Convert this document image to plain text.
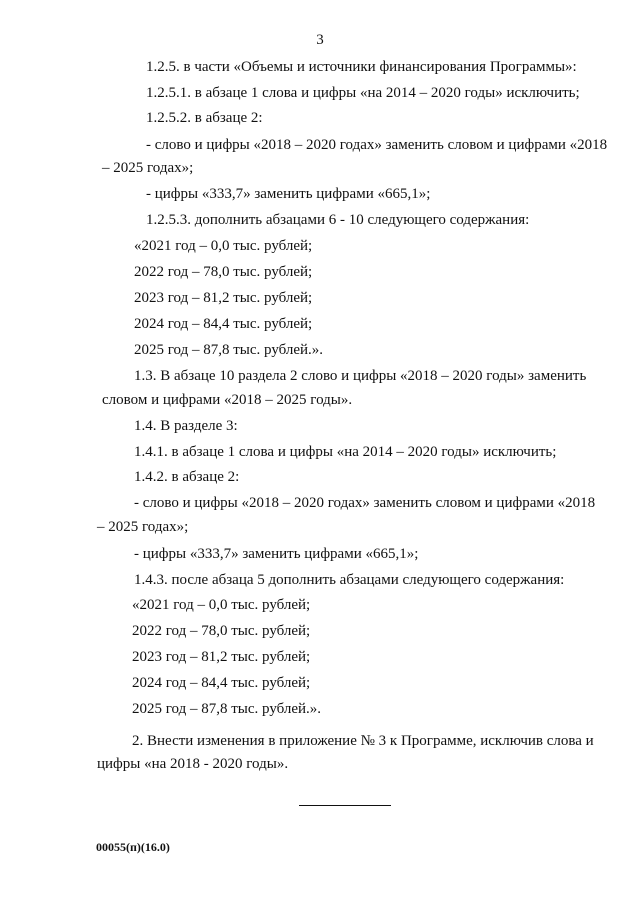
3
1.2.5. в части «Объемы и источники финансирования Программы»:
1.2.5.1. в абзаце 1 слова и цифры «на 2014 – 2020 годы» исключить;
1.2.5.2. в абзаце 2:
- слово и цифры «2018 – 2020 годах» заменить словом и цифрами «2018
– 2025 годах»;
- цифры «333,7» заменить цифрами «665,1»;
1.2.5.3. дополнить абзацами 6 - 10 следующего содержания:
«2021 год – 0,0 тыс. рублей;
2022 год – 78,0 тыс. рублей;
2023 год – 81,2 тыс. рублей;
2024 год – 84,4 тыс. рублей;
2025 год – 87,8 тыс. рублей.».
1.3. В абзаце 10 раздела 2 слово и цифры «2018 – 2020 годы» заменить
словом и цифрами «2018 – 2025 годы».
1.4. В разделе 3:
1.4.1. в абзаце 1 слова и цифры «на 2014 – 2020 годы» исключить;
1.4.2. в абзаце 2:
- слово и цифры «2018 – 2020 годах» заменить словом и цифрами «2018
– 2025 годах»;
- цифры «333,7» заменить цифрами «665,1»;
1.4.3. после абзаца 5 дополнить абзацами следующего содержания:
«2021 год – 0,0 тыс. рублей;
2022 год – 78,0 тыс. рублей;
2023 год – 81,2 тыс. рублей;
2024 год – 84,4 тыс. рублей;
2025 год – 87,8 тыс. рублей.».
2. Внести изменения в приложение № 3 к Программе, исключив слова и
цифры «на 2018 - 2020 годы».
00055(п)(16.0)
